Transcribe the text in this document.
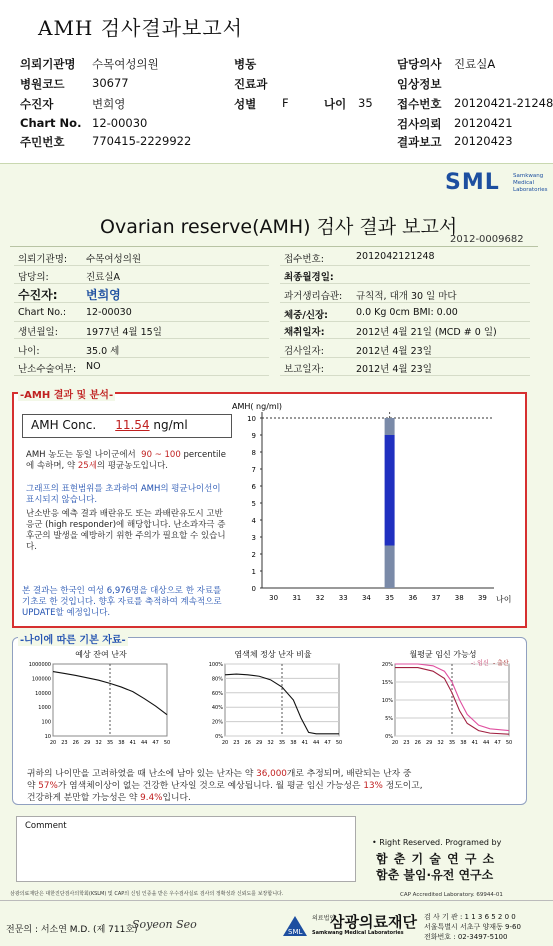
AMH 검사결과보고서
의뢰기관명 수목여성의원	병동	담당의사 진료실A
병원코드 30677	진료과	임상정보
수진자	변희영	성별 F	나이 35 접수번호 20120421-21248
Chart No. 12-00030	검사의뢰 20120421
주민번호 770415-2229922	결과보고 20120423
SML Samkwang
Medical
Laboratories
Ovarian reserve(AMH) 검사 결과 보고서
2012-0009682
의뢰기관명: 수목여성의원
담당의:	진료실A
수진자: 변희영
Chart No.: 12-00030
생년월일:	1977년 4월 15일
나이:	35.0 세
난소수술여부: NO
접수번호:	2012042121248
최종월경일:
과거생리습관: 규칙적, 대개 30 일 마다
체중/신장:	0.0 Kg 0cm BMI: 0.00
채취일자:	2012년 4월 21일 (MCD # 0 일)
검사일자:	2012년 4월 23일
보고일자:	2012년 4월 23일
AMH Conc. 11.54 ng/ml
AMH 농도는 동일 나이군에서 90 ~ 100 percentile에 속하며, 약 25세의 평균농도입니다.
그래프의 표현범위를 초과하여 AMH의 평균나이선이 표시되지 않습니다.
난소반응 예측 결과 배란유도 또는 과배란유도시 고반응군 (high responder)에 해당합니다. 난소과자극 증후군의 발생을 예방하기 위한 주의가 필요할 수 있습니다.
본 결과는 한국인 여성 6,976명을 대상으로 한 자료를 기초로 한 것입니다. 향후 자료를 축적하여 계속적으로 UPDATE할 예정입니다.
AMH( ng/ml)
0
1
2
3
4
5
6
7
8
9
10
30 31 32 33 34 35 36 37 38 39 나이
-AMH 결과 및 분석-
예상 잔여 난자
1000000
100000
10000
1000
100
10
20 23 26 29 32 35 38 41 44 47 50
염색체 정상 난자 비율
100%
80%
60%
40%
20%
0%
20 23 26 29 32 35 38 41 44 47 50
월평균 임신 가능성
20%
15%
10%
5%
0%
20 23 26 29 32 35 38 41 44 47 50
-: 임신 - 출산
귀하의 나이만을 고려하였을 때 난소에 남아 있는 난자는 약 36,000개로 추정되며, 배란되는 난자 중
약 57%가 염색체이상이 없는 건강한 난자일 것으로 예상됩니다. 월 평균 임신 가능성은 13% 정도이고,
건강하게 분만할 가능성은 약 9.4%입니다.
-나이에 따른 기본 자료-
Comment
• Right Reserved. Programed by
함 춘 기 술 연 구 소
함춘 불임·유전 연구소
삼광의료재단은 대한진단검사의학회(KSLM) 및 CAP의 신임 인증을 받은 우수검사실로 검사의 정확성과 신뢰도를 보장합니다.	CAP Accredited Laboratory. 69944-01
전문의 : 서소연 M.D. (제 711호)
Soyeon Seo
SML
의료법인
삼광의료재단
Samkwang Medical Laboratories
검 사 기 관 : 1 1 3 6 5 2 0 0
서울특별시 서초구 양재동 9-60
전화번호 : 02-3497-5100
